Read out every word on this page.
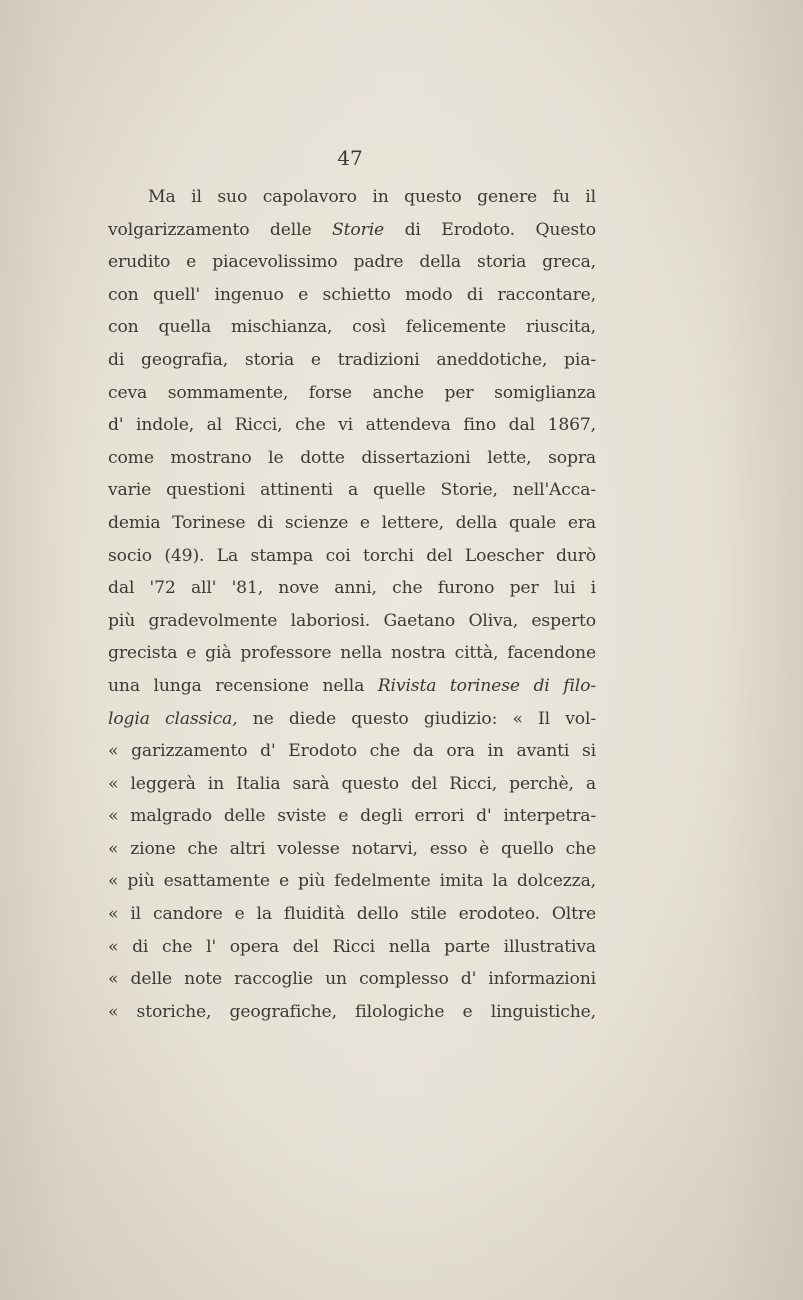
47
Ma il suo capolavoro in questo genere fu il
volgarizzamento delle Storie di Erodoto. Questo
erudito e piacevolissimo padre della storia greca,
con quell' ingenuo e schietto modo di raccontare,
con quella mischianza, così felicemente riuscita,
di geografia, storia e tradizioni aneddotiche, pia-
ceva sommamente, forse anche per somiglianza
d' indole, al Ricci, che vi attendeva fino dal 1867,
come mostrano le dotte dissertazioni lette, sopra
varie questioni attinenti a quelle Storie, nell'Acca-
demia Torinese di scienze e lettere, della quale era
socio (49). La stampa coi torchi del Loescher durò
dal '72 all' '81, nove anni, che furono per lui i
più gradevolmente laboriosi. Gaetano Oliva, esperto
grecista e già professore nella nostra città, facendone
una lunga recensione nella Rivista torinese di filo-
logia classica, ne diede questo giudizio: « Il vol-
« garizzamento d' Erodoto che da ora in avanti si
« leggerà in Italia sarà questo del Ricci, perchè, a
« malgrado delle sviste e degli errori d' interpetra-
« zione che altri volesse notarvi, esso è quello che
« più esattamente e più fedelmente imita la dolcezza,
« il candore e la fluidità dello stile erodoteo. Oltre
« di che l' opera del Ricci nella parte illustrativa
« delle note raccoglie un complesso d' informazioni
« storiche, geografiche, filologiche e linguistiche,
